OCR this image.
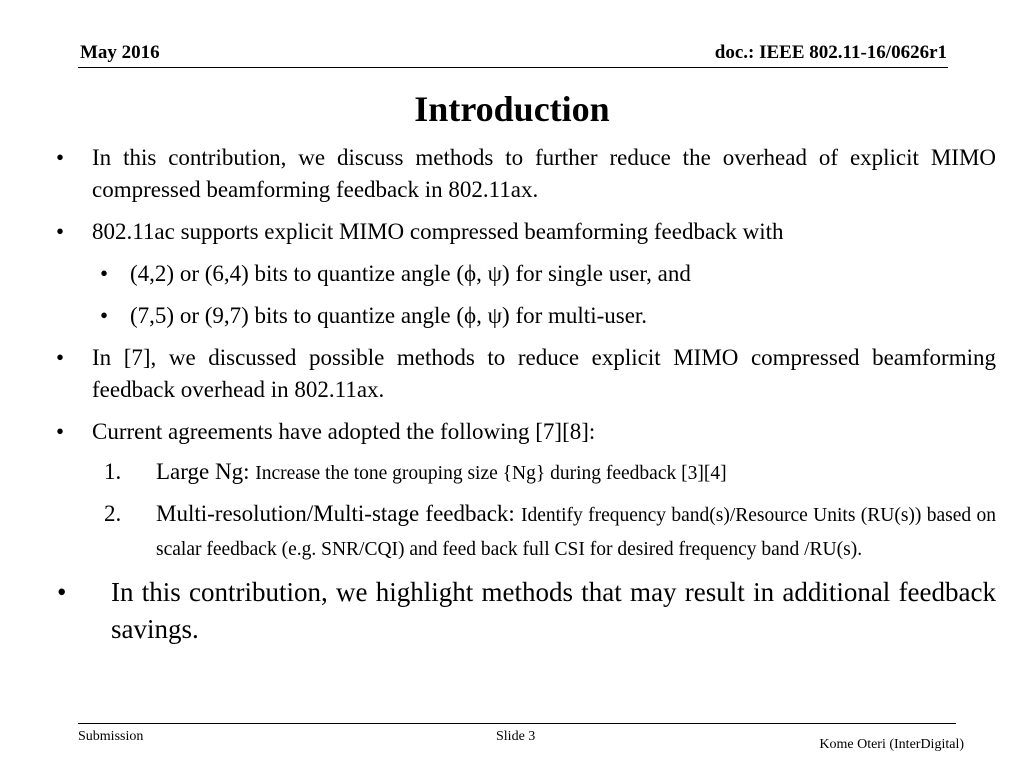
May 2016	doc.: IEEE 802.11-16/0626r1
Introduction
• In this contribution, we discuss methods to further reduce the overhead of explicit MIMO compressed beamforming feedback in 802.11ax.
• 802.11ac supports explicit MIMO compressed beamforming feedback with
• (4,2) or (6,4) bits to quantize angle (ϕ, ψ) for single user, and
• (7,5) or (9,7) bits to quantize angle (ϕ, ψ) for multi-user.
• In [7], we discussed possible methods to reduce explicit MIMO compressed beamforming feedback overhead in 802.11ax.
• Current agreements have adopted the following [7][8]:
1. Large Ng: Increase the tone grouping size {Ng} during feedback [3][4]
2. Multi-resolution/Multi-stage feedback: Identify frequency band(s)/Resource Units (RU(s)) based on scalar feedback (e.g. SNR/CQI) and feed back full CSI for desired frequency band /RU(s).
• In this contribution, we highlight methods that may result in additional feedback savings.
Submission	Slide 3
Kome Oteri (InterDigital)
